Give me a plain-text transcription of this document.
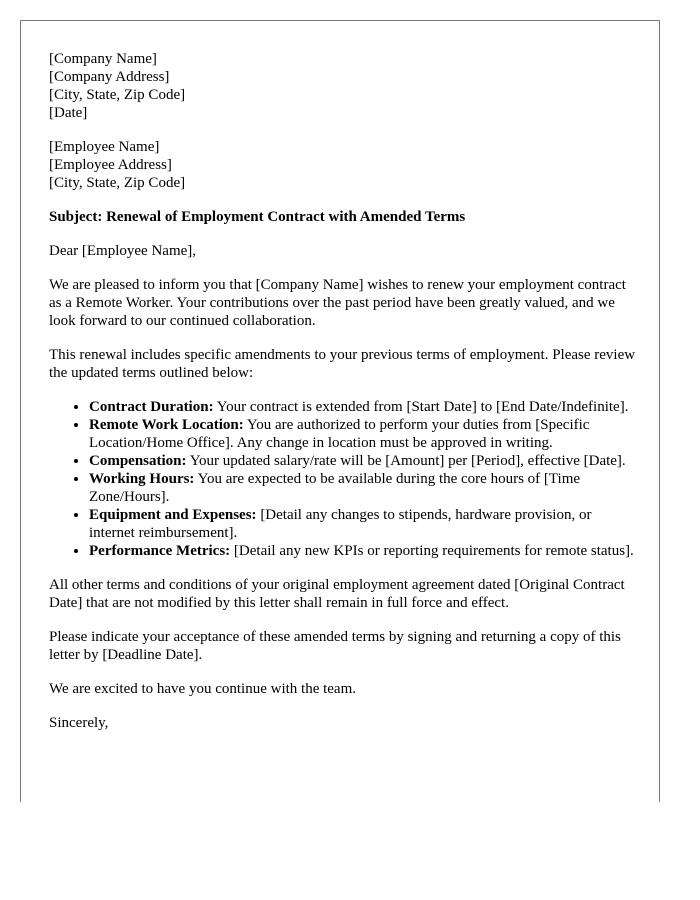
[Company Name]
[Company Address]
[City, State, Zip Code]
[Date]
[Employee Name]
[Employee Address]
[City, State, Zip Code]
Subject: Renewal of Employment Contract with Amended Terms

Dear [Employee Name],

We are pleased to inform you that [Company Name] wishes to renew your employment contract as a Remote Worker. Your contributions over the past period have been greatly valued, and we look forward to our continued collaboration.

This renewal includes specific amendments to your previous terms of employment. Please review the updated terms outlined below:

• Contract Duration: Your contract is extended from [Start Date] to [End Date/Indefinite].
• Remote Work Location: You are authorized to perform your duties from [Specific Location/Home Office]. Any change in location must be approved in writing.
• Compensation: Your updated salary/rate will be [Amount] per [Period], effective [Date].
• Working Hours: You are expected to be available during the core hours of [Time Zone/Hours].
• Equipment and Expenses: [Detail any changes to stipends, hardware provision, or internet reimbursement].
• Performance Metrics: [Detail any new KPIs or reporting requirements for remote status].

All other terms and conditions of your original employment agreement dated [Original Contract Date] that are not modified by this letter shall remain in full force and effect.

Please indicate your acceptance of these amended terms by signing and returning a copy of this letter by [Deadline Date].

We are excited to have you continue with the team.

Sincerely,
